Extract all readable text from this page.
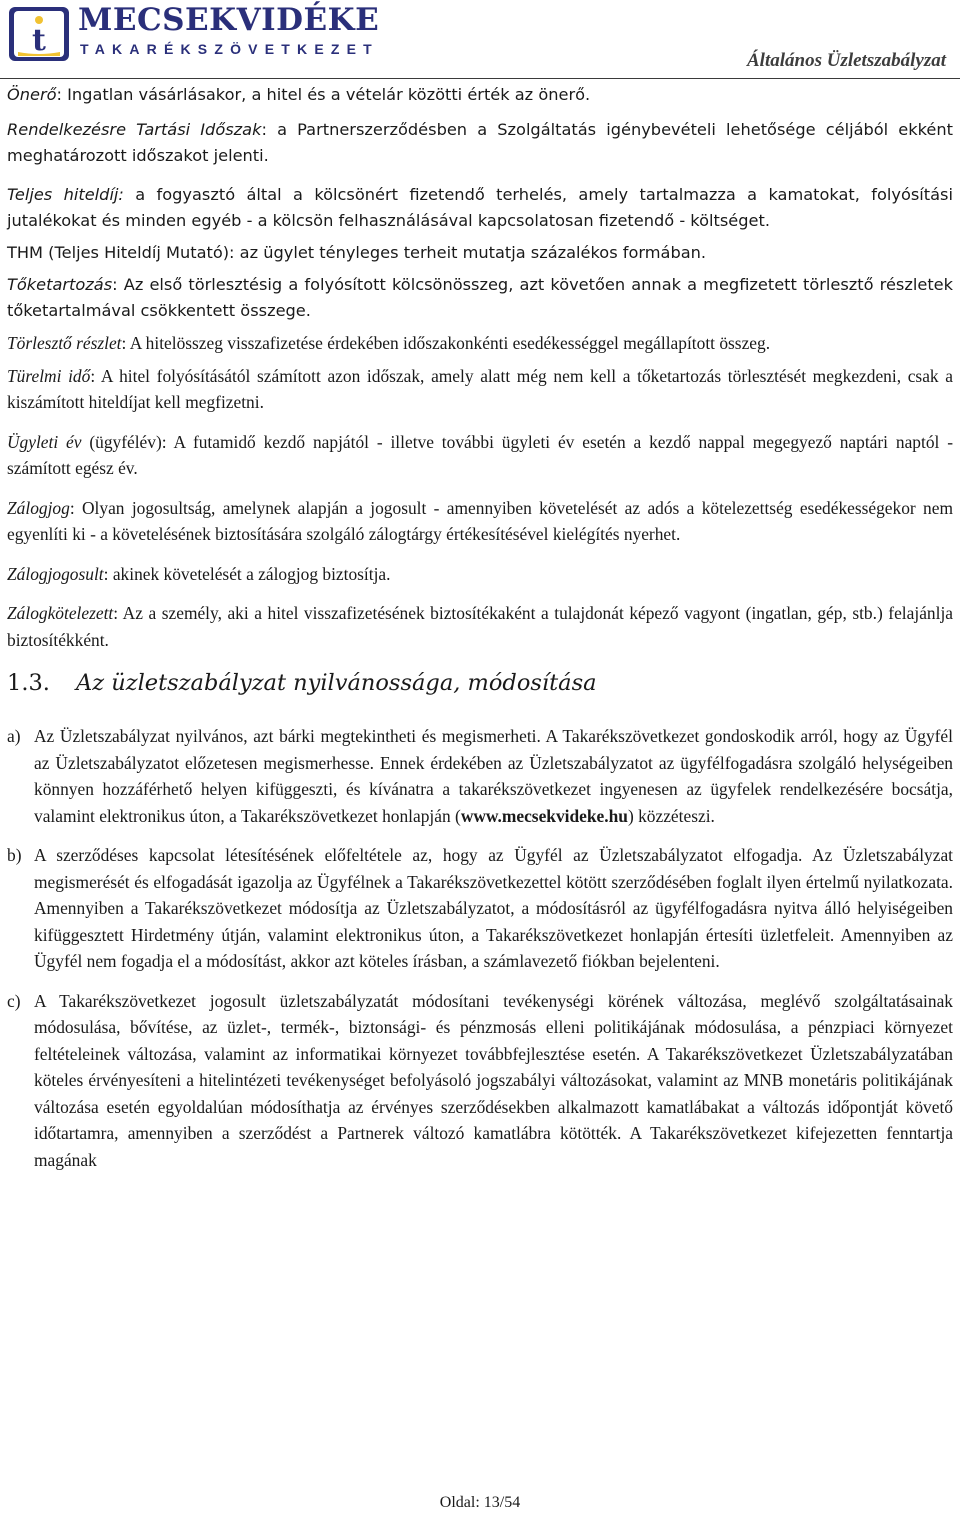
t
MECSEKVIDÉKE
TAKARÉKSZÖVETKEZET
Általános Üzletszabályzat

Önerő: Ingatlan vásárlásakor, a hitel és a vételár közötti érték az önerő.

Rendelkezésre Tartási Időszak: a Partnerszerződésben a Szolgáltatás igénybevételi lehetősége céljából ekként meghatározott időszakot jelenti.

Teljes hiteldíj: a fogyasztó által a kölcsönért fizetendő terhelés, amely tartalmazza a kamatokat, folyósítási jutalékokat és minden egyéb - a kölcsön felhasználásával kapcsolatosan fizetendő - költséget.

THM (Teljes Hiteldíj Mutató): az ügylet tényleges terheit mutatja százalékos formában.

Tőketartozás: Az első törlesztésig a folyósított kölcsönösszeg, azt követően annak a megfizetett törlesztő részletek tőketartalmával csökkentett összege.

Törlesztő részlet: A hitelösszeg visszafizetése érdekében időszakonkénti esedékességgel megállapított összeg.

Türelmi idő: A hitel folyósításától számított azon időszak, amely alatt még nem kell a tőketartozás törlesztését megkezdeni, csak a kiszámított hiteldíjat kell megfizetni.

Ügyleti év (ügyfélév): A futamidő kezdő napjától - illetve további ügyleti év esetén a kezdő nappal megegyező naptári naptól - számított egész év.

Zálogjog: Olyan jogosultság, amelynek alapján a jogosult - amennyiben követelését az adós a kötelezettség esedékességekor nem egyenlíti ki - a követelésének biztosítására szolgáló zálogtárgy értékesítésével kielégítés nyerhet.

Zálogjogosult: akinek követelését a zálogjog biztosítja.

Zálogkötelezett: Az a személy, aki a hitel visszafizetésének biztosítékaként a tulajdonát képező vagyont (ingatlan, gép, stb.) felajánlja biztosítékként.

1.3. Az üzletszabályzat nyilvánossága, módosítása
a) Az Üzletszabályzat nyilvános, azt bárki megtekintheti és megismerheti. A Takarékszövetkezet gondoskodik arról, hogy az Ügyfél az Üzletszabályzatot előzetesen megismerhesse. Ennek érdekében az Üzletszabályzatot az ügyfélfogadásra szolgáló helységeiben könnyen hozzáférhető helyen kifüggeszti, és kívánatra a takarékszövetkezet ingyenesen az ügyfelek rendelkezésére bocsátja, valamint elektronikus úton, a Takarékszövetkezet honlapján (www.mecsekvideke.hu) közzéteszi.

b) A szerződéses kapcsolat létesítésének előfeltétele az, hogy az Ügyfél az Üzletszabályzatot elfogadja. Az Üzletszabályzat megismerését és elfogadását igazolja az Ügyfélnek a Takarékszövetkezettel kötött szerződésében foglalt ilyen értelmű nyilatkozata. Amennyiben a Takarékszövetkezet módosítja az Üzletszabályzatot, a módosításról az ügyfélfogadásra nyitva álló helyiségeiben kifüggesztett Hirdetmény útján, valamint elektronikus úton, a Takarékszövetkezet honlapján értesíti üzletfeleit. Amennyiben az Ügyfél nem fogadja el a módosítást, akkor azt köteles írásban, a számlavezető fiókban bejelenteni.

c) A Takarékszövetkezet jogosult üzletszabályzatát módosítani tevékenységi körének változása, meglévő szolgáltatásainak módosulása, bővítése, az üzlet-, termék-, biztonsági- és pénzmosás elleni politikájának módosulása, a pénzpiaci környezet feltételeinek változása, valamint az informatikai környezet továbbfejlesztése esetén. A Takarékszövetkezet Üzletszabályzatában köteles érvényesíteni a hitelintézeti tevékenységet befolyásoló jogszabályi változásokat, valamint az MNB monetáris politikájának változása esetén egyoldalúan módosíthatja az érvényes szerződésekben alkalmazott kamatlábakat a változás időpontját követő időtartamra, amennyiben a szerződést a Partnerek változó kamatlábra kötötték. A Takarékszövetkezet kifejezetten fenntartja magának

Oldal: 13/54
